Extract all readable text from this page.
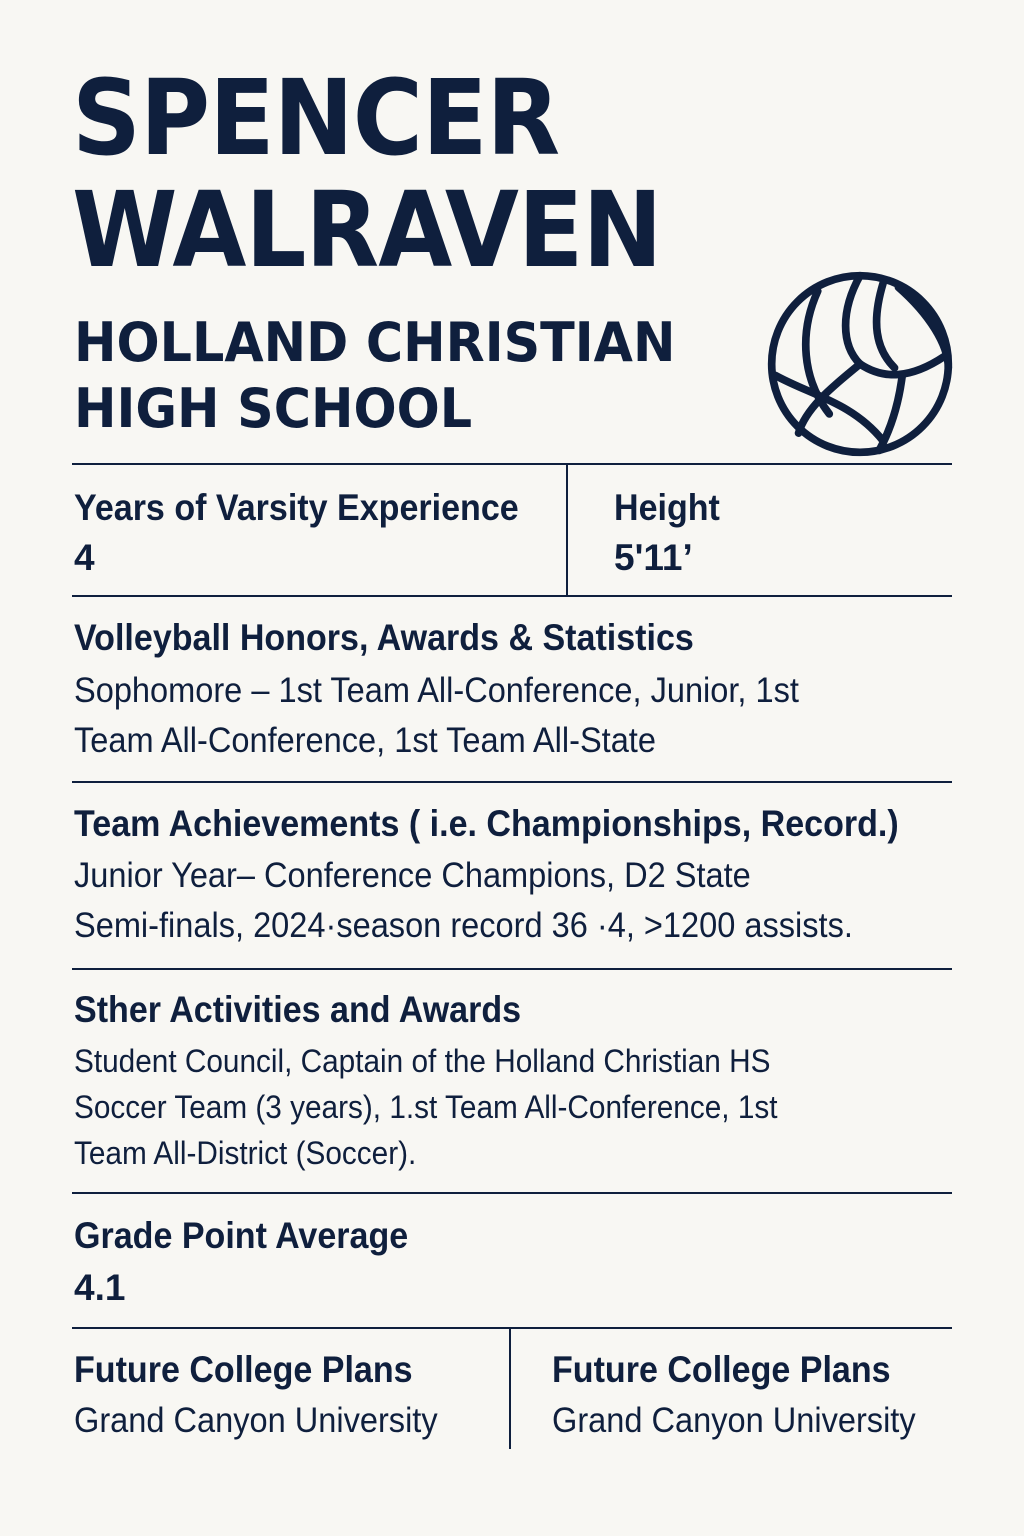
SPENCER
WALRAVEN
HOLLAND CHRISTIAN
HIGH SCHOOL
Years of Varsity Experience
4
Height
5'11’
Volleyball Honors, Awards & Statistics
Sophomore – 1st Team All-Conference, Junior, 1st
Team All-Conference, 1st Team All-State
Team Achievements ( i.e. Championships, Record.)
Junior Year– Conference Champions, D2 State
Semi-finals, 2024·season record 36 ·4, >1200 assists.
Sther Activities and Awards
Student Council, Captain of the Holland Christian HS
Soccer Team (3 years), 1.st Team All-Conference, 1st
Team All-District (Soccer).
Grade Point Average
4.1
Future College Plans
Grand Canyon University
Future College Plans
Grand Canyon University
